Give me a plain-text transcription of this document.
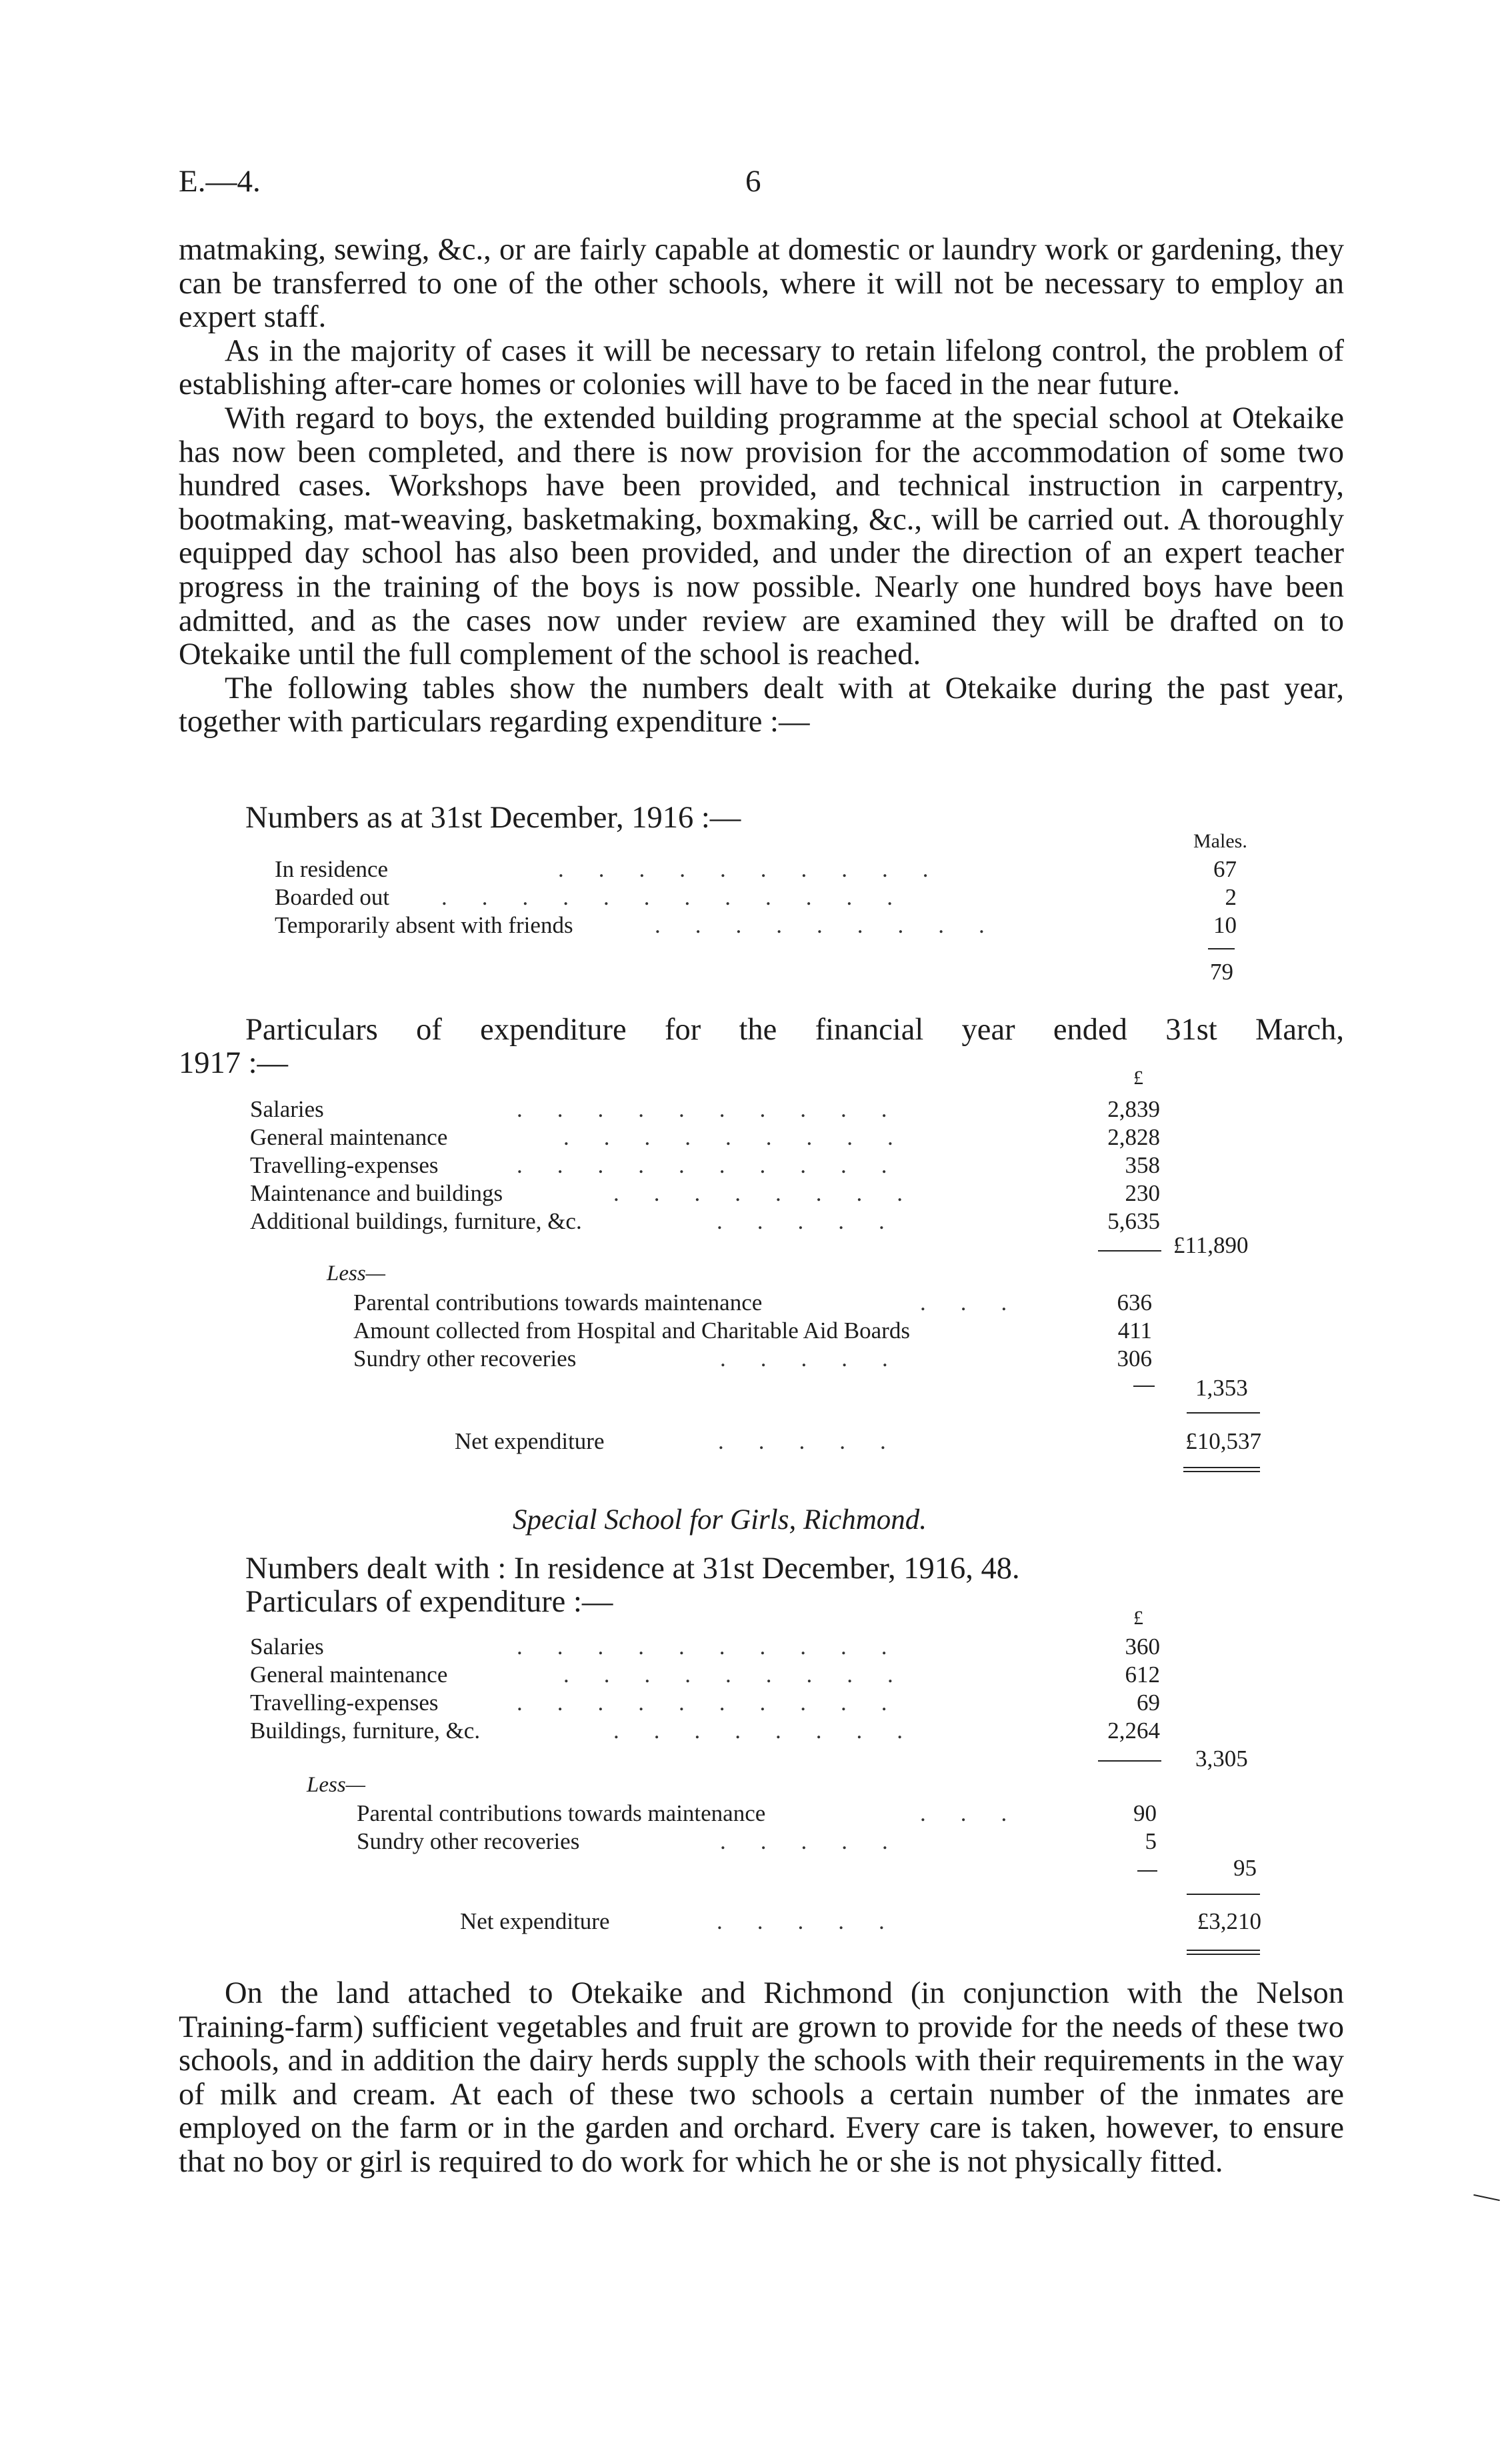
E.—4.	6

matmaking, sewing, &c., or are fairly capable at domestic or laundry work or gardening, they can be transferred to one of the other schools, where it will not be necessary to employ an expert staff.

As in the majority of cases it will be necessary to retain lifelong control, the problem of establishing after-care homes or colonies will have to be faced in the near future.

With regard to boys, the extended building programme at the special school at Otekaike has now been completed, and there is now provision for the accommodation of some two hundred cases. Workshops have been provided, and technical instruction in carpentry, bootmaking, mat-weaving, basketmaking, boxmaking, &c., will be carried out. A thoroughly equipped day school has also been provided, and under the direction of an expert teacher progress in the training of the boys is now possible. Nearly one hundred boys have been admitted, and as the cases now under review are examined they will be drafted on to Otekaike until the full complement of the school is reached.

The following tables show the numbers dealt with at Otekaike during the past year, together with particulars regarding expenditure :—

Numbers as at 31st December, 1916 :—
Males.
In residence	..........	67
Boarded out ............	2
Temporarily absent with friends	.........	10
79
Particulars of expenditure for the financial year ended 31st March,
1917 :—	£
Salaries	..........	2,839
General maintenance	.........	2,828
Travelling-expenses	..........	358
Maintenance and buildings	........	230
Additional buildings, furniture, &c.	.....	5,635
£11,890
Less—
Parental contributions towards maintenance	...	636
Amount collected from Hospital and Charitable Aid Boards	411
Sundry other recoveries	.....	306
1,353
Net expenditure	.....	£10,537
Special School for Girls, Richmond.
Numbers dealt with : In residence at 31st December, 1916, 48.
Particulars of expenditure :—	£
Salaries	..........	360
General maintenance	.........	612
Travelling-expenses	..........	69
Buildings, furniture, &c.	........	2,264
3,305
Less—
Parental contributions towards maintenance	...	90
Sundry other recoveries	.....	5
95
Net expenditure	.....	£3,210

On the land attached to Otekaike and Richmond (in conjunction with the Nelson Training-farm) sufficient vegetables and fruit are grown to provide for the needs of these two schools, and in addition the dairy herds supply the schools with their requirements in the way of milk and cream. At each of these two schools a certain number of the inmates are employed on the farm or in the garden and orchard. Every care is taken, however, to ensure that no boy or girl is required to do work for which he or she is not physically fitted.
